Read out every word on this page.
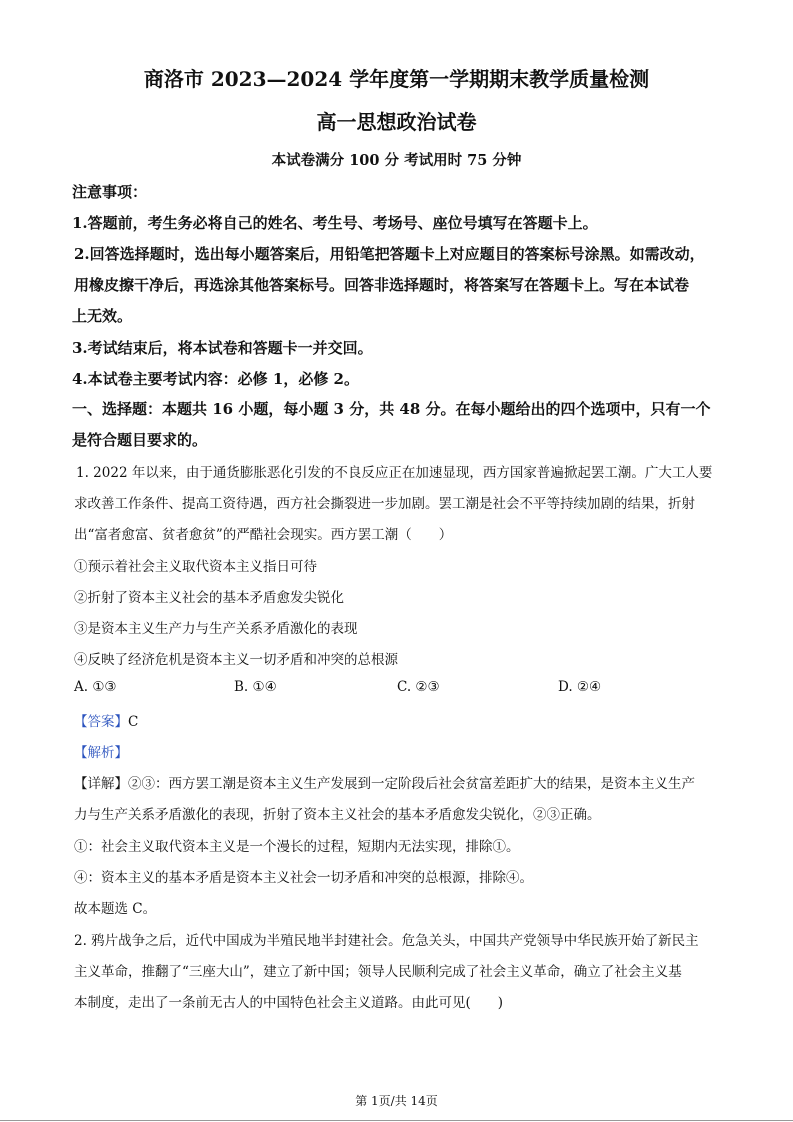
商洛市 2023—2024 学年度第一学期期末教学质量检测
高一思想政治试卷
本试卷满分 100 分 考试用时 75 分钟
注意事项：
1.答题前，考生务必将自己的姓名、考生号、考场号、座位号填写在答题卡上。
2.回答选择题时，选出每小题答案后，用铅笔把答题卡上对应题目的答案标号涂黑。如需改动，
用橡皮擦干净后，再选涂其他答案标号。回答非选择题时，将答案写在答题卡上。写在本试卷
上无效。
3.考试结束后，将本试卷和答题卡一并交回。
4.本试卷主要考试内容：必修 1，必修 2。
一、选择题：本题共 16 小题，每小题 3 分，共 48 分。在每小题给出的四个选项中，只有一个
是符合题目要求的。
1. 2022 年以来，由于通货膨胀恶化引发的不良反应正在加速显现，西方国家普遍掀起罢工潮。广大工人要
求改善工作条件、提高工资待遇，西方社会撕裂进一步加剧。罢工潮是社会不平等持续加剧的结果，折射
出“富者愈富、贫者愈贫”的严酷社会现实。西方罢工潮（　　）
①预示着社会主义取代资本主义指日可待
②折射了资本主义社会的基本矛盾愈发尖锐化
③是资本主义生产力与生产关系矛盾激化的表现
④反映了经济危机是资本主义一切矛盾和冲突的总根源
A. ①③	B. ①④	C. ②③	D. ②④
【答案】C
【解析】
【详解】②③：西方罢工潮是资本主义生产发展到一定阶段后社会贫富差距扩大的结果，是资本主义生产
力与生产关系矛盾激化的表现，折射了资本主义社会的基本矛盾愈发尖锐化，②③正确。
①：社会主义取代资本主义是一个漫长的过程，短期内无法实现，排除①。
④：资本主义的基本矛盾是资本主义社会一切矛盾和冲突的总根源，排除④。
故本题选 C。
2. 鸦片战争之后，近代中国成为半殖民地半封建社会。危急关头，中国共产党领导中华民族开始了新民主
主义革命，推翻了“三座大山”，建立了新中国；领导人民顺利完成了社会主义革命，确立了社会主义基
本制度，走出了一条前无古人的中国特色社会主义道路。由此可见(　　)
第 1页/共 14页
